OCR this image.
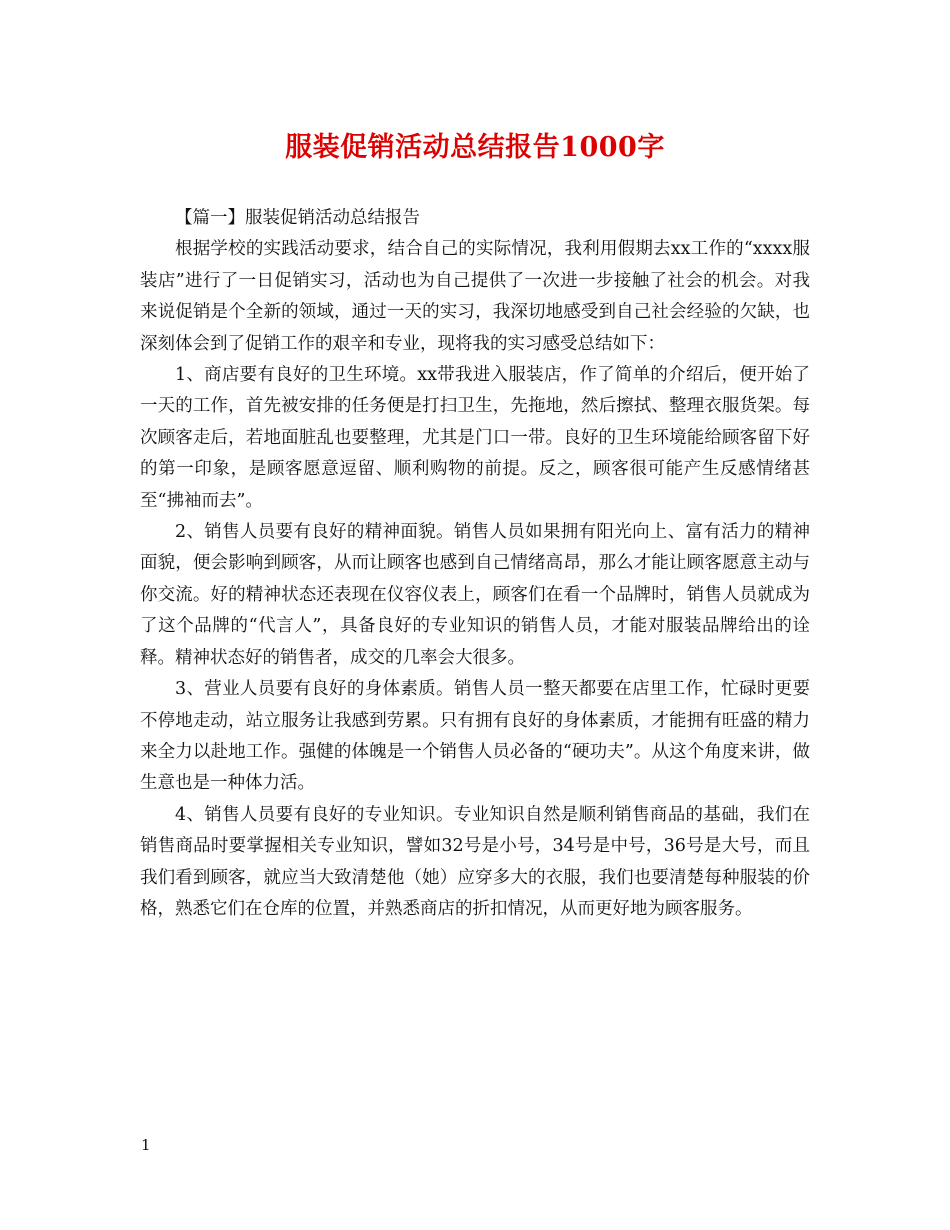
服装促销活动总结报告1000字

【篇一】服装促销活动总结报告

根据学校的实践活动要求，结合自己的实际情况，我利用假期去xx工作的“xxxx服装店”进行了一日促销实习，活动也为自己提供了一次进一步接触了社会的机会。对我来说促销是个全新的领域，通过一天的实习，我深切地感受到自己社会经验的欠缺，也深刻体会到了促销工作的艰辛和专业，现将我的实习感受总结如下：

1、商店要有良好的卫生环境。xx带我进入服装店，作了简单的介绍后，便开始了一天的工作，首先被安排的任务便是打扫卫生，先拖地，然后擦拭、整理衣服货架。每次顾客走后，若地面脏乱也要整理，尤其是门口一带。良好的卫生环境能给顾客留下好的第一印象，是顾客愿意逗留、顺利购物的前提。反之，顾客很可能产生反感情绪甚至“拂袖而去”。

2、销售人员要有良好的精神面貌。销售人员如果拥有阳光向上、富有活力的精神面貌，便会影响到顾客，从而让顾客也感到自己情绪高昂，那么才能让顾客愿意主动与你交流。好的精神状态还表现在仪容仪表上，顾客们在看一个品牌时，销售人员就成为了这个品牌的“代言人”，具备良好的专业知识的销售人员，才能对服装品牌给出的诠释。精神状态好的销售者，成交的几率会大很多。

3、营业人员要有良好的身体素质。销售人员一整天都要在店里工作，忙碌时更要不停地走动，站立服务让我感到劳累。只有拥有良好的身体素质，才能拥有旺盛的精力来全力以赴地工作。强健的体魄是一个销售人员必备的“硬功夫”。从这个角度来讲，做生意也是一种体力活。

4、销售人员要有良好的专业知识。专业知识自然是顺利销售商品的基础，我们在销售商品时要掌握相关专业知识，譬如32号是小号，34号是中号，36号是大号，而且我们看到顾客，就应当大致清楚他（她）应穿多大的衣服，我们也要清楚每种服装的价格，熟悉它们在仓库的位置，并熟悉商店的折扣情况，从而更好地为顾客服务。

1
